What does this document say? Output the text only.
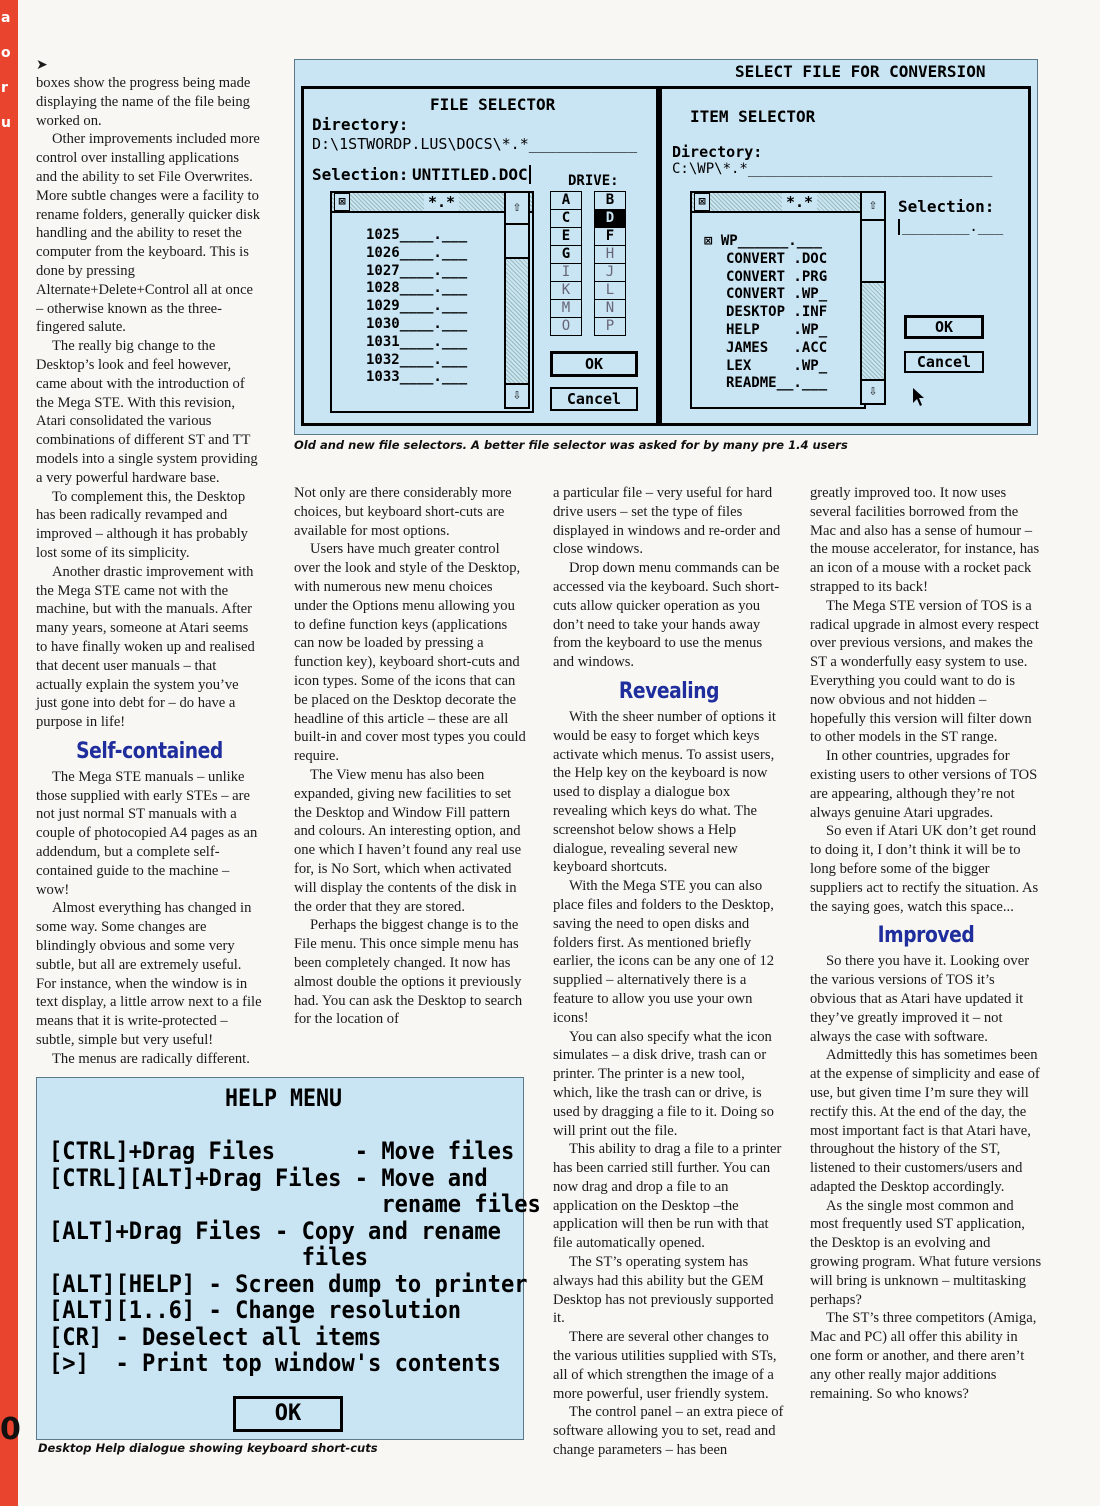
a
o
r
u
0
SELECT FILE FOR CONVERSION
FILE SELECTOR
Directory:
D:\1STWORDP.LUS\DOCS\*.*____________
Selection: UNTITLED.DOC
⊠	*.*
1025____.___
1026____.___
1027____.___
1028____.___
1029____.___
1030____.___
1031____.___
1032____.___
1033____.___
⇧
⇩
DRIVE:
A	B
C	D
E	F
G	H
I	J
K	L
M	N
O	P
OK
Cancel
ITEM SELECTOR
Directory:
C:\WP\*.*_____________________________
⊠	*.*
⊠ WP______.___
CONVERT .DOC
CONVERT .PRG
CONVERT .WP_
DESKTOP .INF
HELP    .WP_
JAMES   .ACC
LEX     .WP_
README__.___
⇧
⇩
Selection:
________.___
OK
Cancel
Old and new file selectors. A better file selector was asked for by many pre 1.4 users
HELP MENU
[CTRL]+Drag Files      - Move files
[CTRL][ALT]+Drag Files - Move and
rename files
[ALT]+Drag Files - Copy and rename
files
[ALT][HELP] - Screen dump to printer
[ALT][1..6] - Change resolution
[CR] - Deselect all items
[>]  - Print top window's contents
OK
Desktop Help dialogue showing keyboard short-cuts
➤

boxes show the progress being made displaying the name of the file being worked on.

Other improvements included more control over installing applications and the ability to set File Overwrites. More subtle changes were a facility to rename folders, generally quicker disk handling and the ability to reset the computer from the keyboard. This is done by pressing Alternate+Delete+Control all at once – otherwise known as the three-fingered salute.

The really big change to the Desktop’s look and feel however, came about with the introduction of the Mega STE. With this revision, Atari consolidated the various combinations of different ST and TT models into a single system providing a very powerful hardware base.

To complement this, the Desktop has been radically revamped and improved – although it has probably lost some of its simplicity.

Another drastic improvement with the Mega STE came not with the machine, but with the manuals. After many years, someone at Atari seems to have finally woken up and realised that decent user manuals – that actually explain the system you’ve just gone into debt for – do have a purpose in life!

Self-contained

The Mega STE manuals – unlike those supplied with early STEs – are not just normal ST manuals with a couple of photocopied A4 pages as an addendum, but a complete self-contained guide to the machine – wow!

Almost everything has changed in some way. Some changes are blindingly obvious and some very subtle, but all are extremely useful. For instance, when the window is in text display, a little arrow next to a file means that it is write-protected – subtle, simple but very useful!

The menus are radically different.

Not only are there considerably more choices, but keyboard short-cuts are available for most options.

Users have much greater control over the look and style of the Desktop, with numerous new menu choices under the Options menu allowing you to define function keys (applications can now be loaded by pressing a function key), keyboard short-cuts and icon types. Some of the icons that can be placed on the Desktop decorate the headline of this article – these are all built-in and cover most types you could require.

The View menu has also been expanded, giving new facilities to set the Desktop and Window Fill pattern and colours. An interesting option, and one which I haven’t found any real use for, is No Sort, which when activated will display the contents of the disk in the order that they are stored.

Perhaps the biggest change is to the File menu. This once simple menu has been completely changed. It now has almost double the options it previously had. You can ask the Desktop to search for the location of

a particular file – very useful for hard drive users – set the type of files displayed in windows and re-order and close windows.

Drop down menu commands can be accessed via the keyboard. Such short-cuts allow quicker operation as you don’t need to take your hands away from the keyboard to use the menus and windows.

Revealing

With the sheer number of options it would be easy to forget which keys activate which menus. To assist users, the Help key on the keyboard is now used to display a dialogue box revealing which keys do what. The screenshot below shows a Help dialogue, revealing several new keyboard shortcuts.

With the Mega STE you can also place files and folders to the Desktop, saving the need to open disks and folders first. As mentioned briefly earlier, the icons can be any one of 12 supplied – alternatively there is a feature to allow you use your own icons!

You can also specify what the icon simulates – a disk drive, trash can or printer. The printer is a new tool, which, like the trash can or drive, is used by dragging a file to it. Doing so will print out the file.

This ability to drag a file to a printer has been carried still further. You can now drag and drop a file to an application on the Desktop –the application will then be run with that file automatically opened.

The ST’s operating system has always had this ability but the GEM Desktop has not previously supported it.

There are several other changes to the various utilities supplied with STs, all of which strengthen the image of a more powerful, user friendly system.

The control panel – an extra piece of software allowing you to set, read and change parameters – has been

greatly improved too. It now uses several facilities borrowed from the Mac and also has a sense of humour – the mouse accelerator, for instance, has an icon of a mouse with a rocket pack strapped to its back!

The Mega STE version of TOS is a radical upgrade in almost every respect over previous versions, and makes the ST a wonderfully easy system to use. Everything you could want to do is now obvious and not hidden – hopefully this version will filter down to other models in the ST range.

In other countries, upgrades for existing users to other versions of TOS are appearing, although they’re not always genuine Atari upgrades.

So even if Atari UK don’t get round to doing it, I don’t think it will be to long before some of the bigger suppliers act to rectify the situation. As the saying goes, watch this space...

Improved

So there you have it. Looking over the various versions of TOS it’s obvious that as Atari have updated it they’ve greatly improved it – not always the case with software.

Admittedly this has sometimes been at the expense of simplicity and ease of use, but given time I’m sure they will rectify this. At the end of the day, the most important fact is that Atari have, throughout the history of the ST, listened to their customers/users and adapted the Desktop accordingly.

As the single most common and most frequently used ST application, the Desktop is an evolving and growing program. What future versions will bring is unknown – multitasking perhaps?

The ST’s three competitors (Amiga, Mac and PC) all offer this ability in one form or another, and there aren’t any other really major additions remaining. So who knows?
